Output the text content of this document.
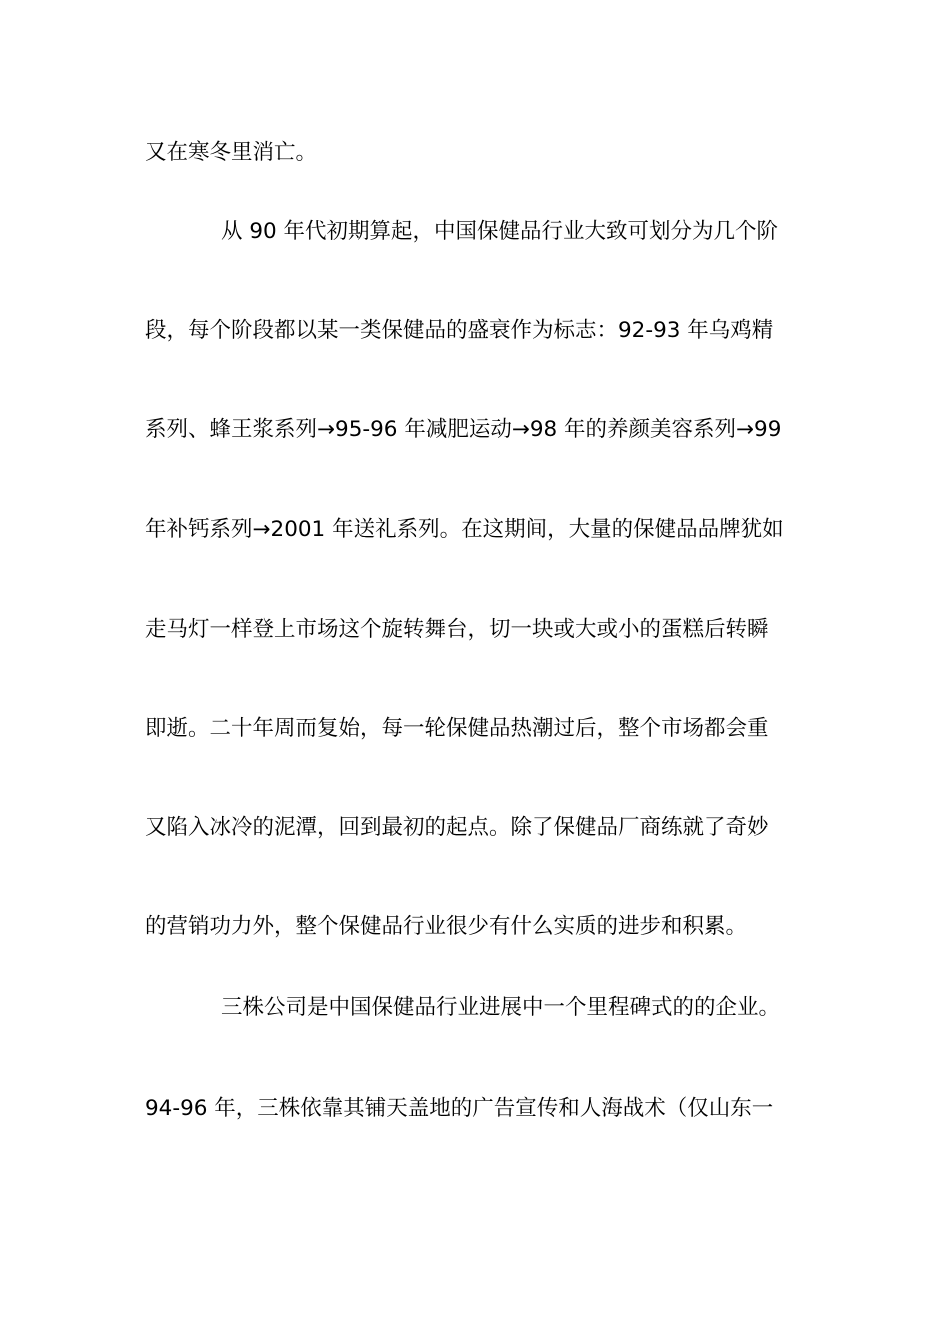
又在寒冬里消亡。
从 90 年代初期算起，中国保健品行业大致可划分为几个阶
段，每个阶段都以某一类保健品的盛衰作为标志：92-93 年乌鸡精
系列、蜂王浆系列→95-96 年减肥运动→98 年的养颜美容系列→99
年补钙系列→2001 年送礼系列。在这期间，大量的保健品品牌犹如
走马灯一样登上市场这个旋转舞台，切一块或大或小的蛋糕后转瞬
即逝。二十年周而复始，每一轮保健品热潮过后，整个市场都会重
又陷入冰冷的泥潭，回到最初的起点。除了保健品厂商练就了奇妙
的营销功力外，整个保健品行业很少有什么实质的进步和积累。
三株公司是中国保健品行业进展中一个里程碑式的的企业。
94-96 年，三株依靠其铺天盖地的广告宣传和人海战术（仅山东一
